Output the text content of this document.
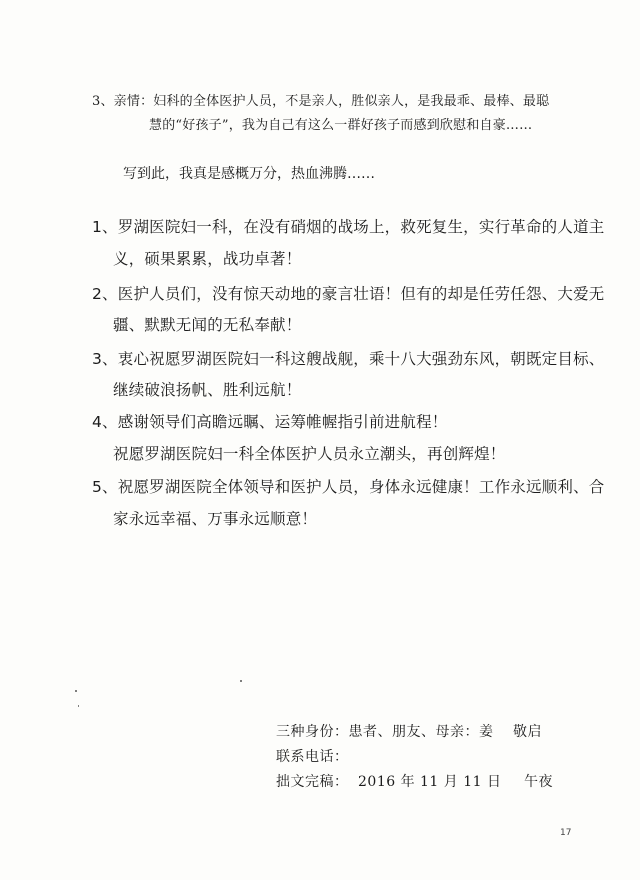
3、亲情：妇科的全体医护人员，不是亲人，胜似亲人，是我最乖、最棒、最聪
慧的“好孩子”，我为自己有这么一群好孩子而感到欣慰和自豪……
写到此，我真是感概万分，热血沸腾……
1、罗湖医院妇一科，在没有硝烟的战场上，救死复生，实行革命的人道主
义，硕果累累，战功卓著！
2、医护人员们，没有惊天动地的豪言壮语！但有的却是任劳任怨、大爱无
疆、默默无闻的无私奉献！
3、衷心祝愿罗湖医院妇一科这艘战舰，乘十八大强劲东风，朝既定目标、
继续破浪扬帆、胜利远航！
4、感谢领导们高瞻远瞩、运筹帷幄指引前进航程！
祝愿罗湖医院妇一科全体医护人员永立潮头，再创辉煌！
5、祝愿罗湖医院全体领导和医护人员，身体永远健康！工作永远顺利、合
家永远幸福、万事永远顺意！
三种身份：患者、朋友、母亲：姜 敬启
联系电话：
拙文完稿： 2016 年 11 月 11 日 午夜
17
